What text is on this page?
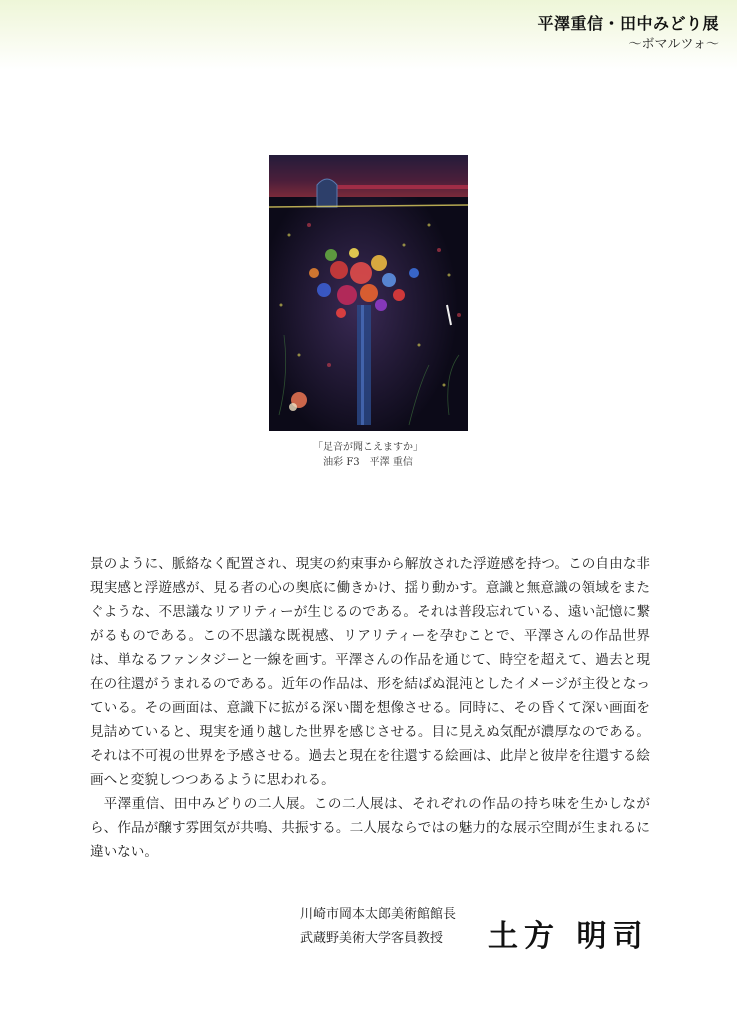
平澤重信・田中みどり展
〜ボマルツォ〜
「足音が聞こえますか」
油彩 F3　平澤 重信

景のように、脈絡なく配置され、現実の約束事から解放された浮遊感を持つ。この自由な非現実感と浮遊感が、見る者の心の奥底に働きかけ、揺り動かす。意識と無意識の領域をまたぐような、不思議なリアリティーが生じるのである。それは普段忘れている、遠い記憶に繋がるものである。この不思議な既視感、リアリティーを孕むことで、平澤さんの作品世界は、単なるファンタジーと一線を画す。平澤さんの作品を通じて、時空を超えて、過去と現在の往還がうまれるのである。近年の作品は、形を結ばぬ混沌としたイメージが主役となっている。その画面は、意識下に拡がる深い闇を想像させる。同時に、その昏くて深い画面を見詰めていると、現実を通り越した世界を感じさせる。目に見えぬ気配が濃厚なのである。それは不可視の世界を予感させる。過去と現在を往還する絵画は、此岸と彼岸を往還する絵画へと変貌しつつあるように思われる。

平澤重信、田中みどりの二人展。この二人展は、それぞれの作品の持ち味を生かしながら、作品が醸す雰囲気が共鳴、共振する。二人展ならではの魅力的な展示空間が生まれるに違いない。

川崎市岡本太郎美術館館長
武蔵野美術大学客員教授	土方 明司
